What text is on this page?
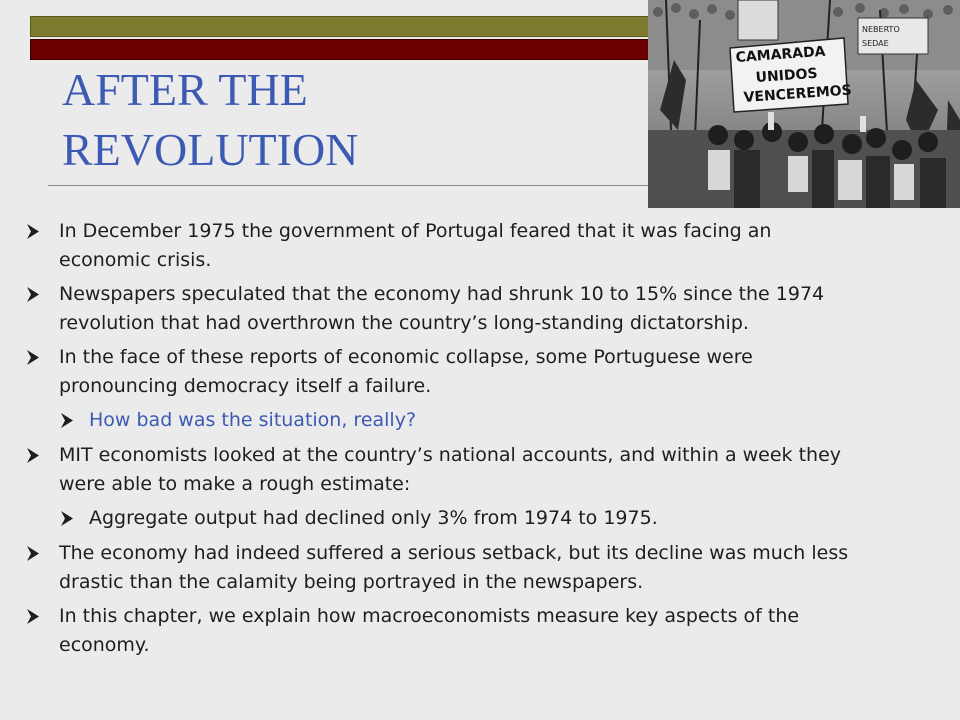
AFTER THE
REVOLUTION
NEBERTO
SEDAE
CAMARADA
UNIDOS
VENCEREMOS
In December 1975 the government of Portugal feared that it was facing an economic crisis.
Newspapers speculated that the economy had shrunk 10 to 15% since the 1974 revolution that had overthrown the country’s long-standing dictatorship.
In the face of these reports of economic collapse, some Portuguese were pronouncing democracy itself a failure.
How bad was the situation, really?
MIT economists looked at the country’s national accounts, and within a week they were able to make a rough estimate:
Aggregate output had declined only 3% from 1974 to 1975.
The economy had indeed suffered a serious setback, but its decline was much less drastic than the calamity being portrayed in the newspapers.
In this chapter, we explain how macroeconomists measure key aspects of the economy.
